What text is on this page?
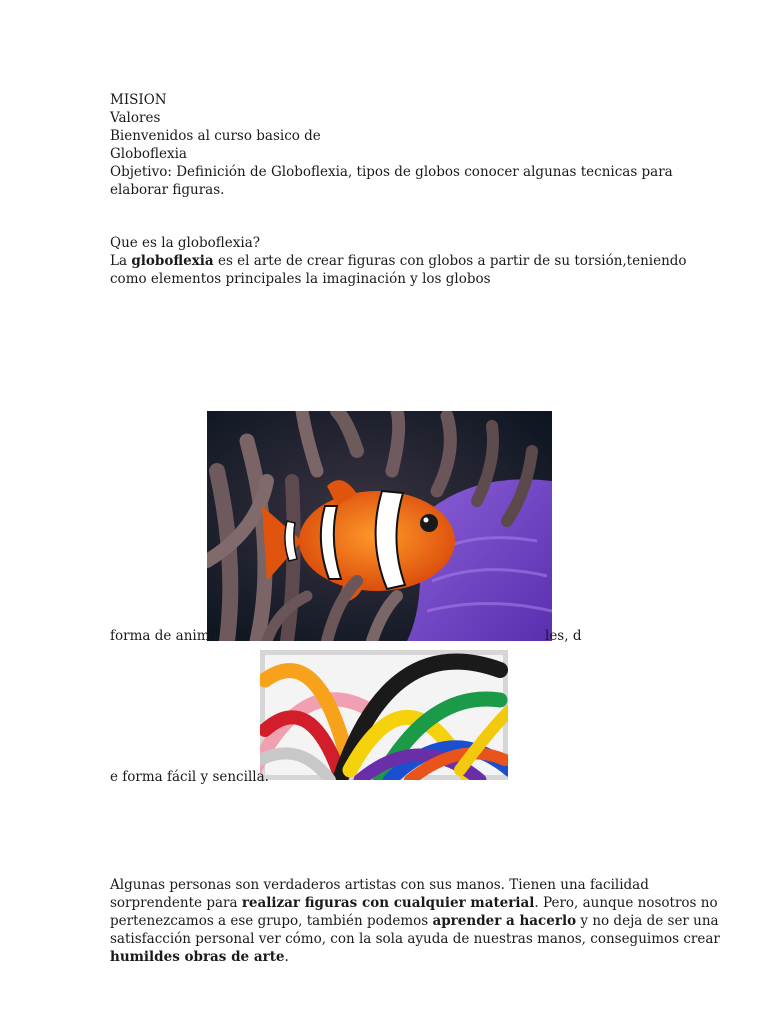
MISION
Valores
Bienvenidos al curso basico de
Globoflexia
Objetivo: Definición de Globoflexia, tipos de globos conocer algunas tecnicas para
elaborar figuras.
Que es la globoflexia?
La globoflexia es el arte de crear figuras con globos a partir de su torsión,teniendo
como elementos principales la imaginación y los globos
forma de anima	les, d
e forma fácil y sencilla.
Algunas personas son verdaderos artistas con sus manos. Tienen una facilidad
sorprendente para realizar figuras con cualquier material. Pero, aunque nosotros no
pertenezcamos a ese grupo, también podemos aprender a hacerlo y no deja de ser una
satisfacción personal ver cómo, con la sola ayuda de nuestras manos, conseguimos crear
humildes obras de arte.
